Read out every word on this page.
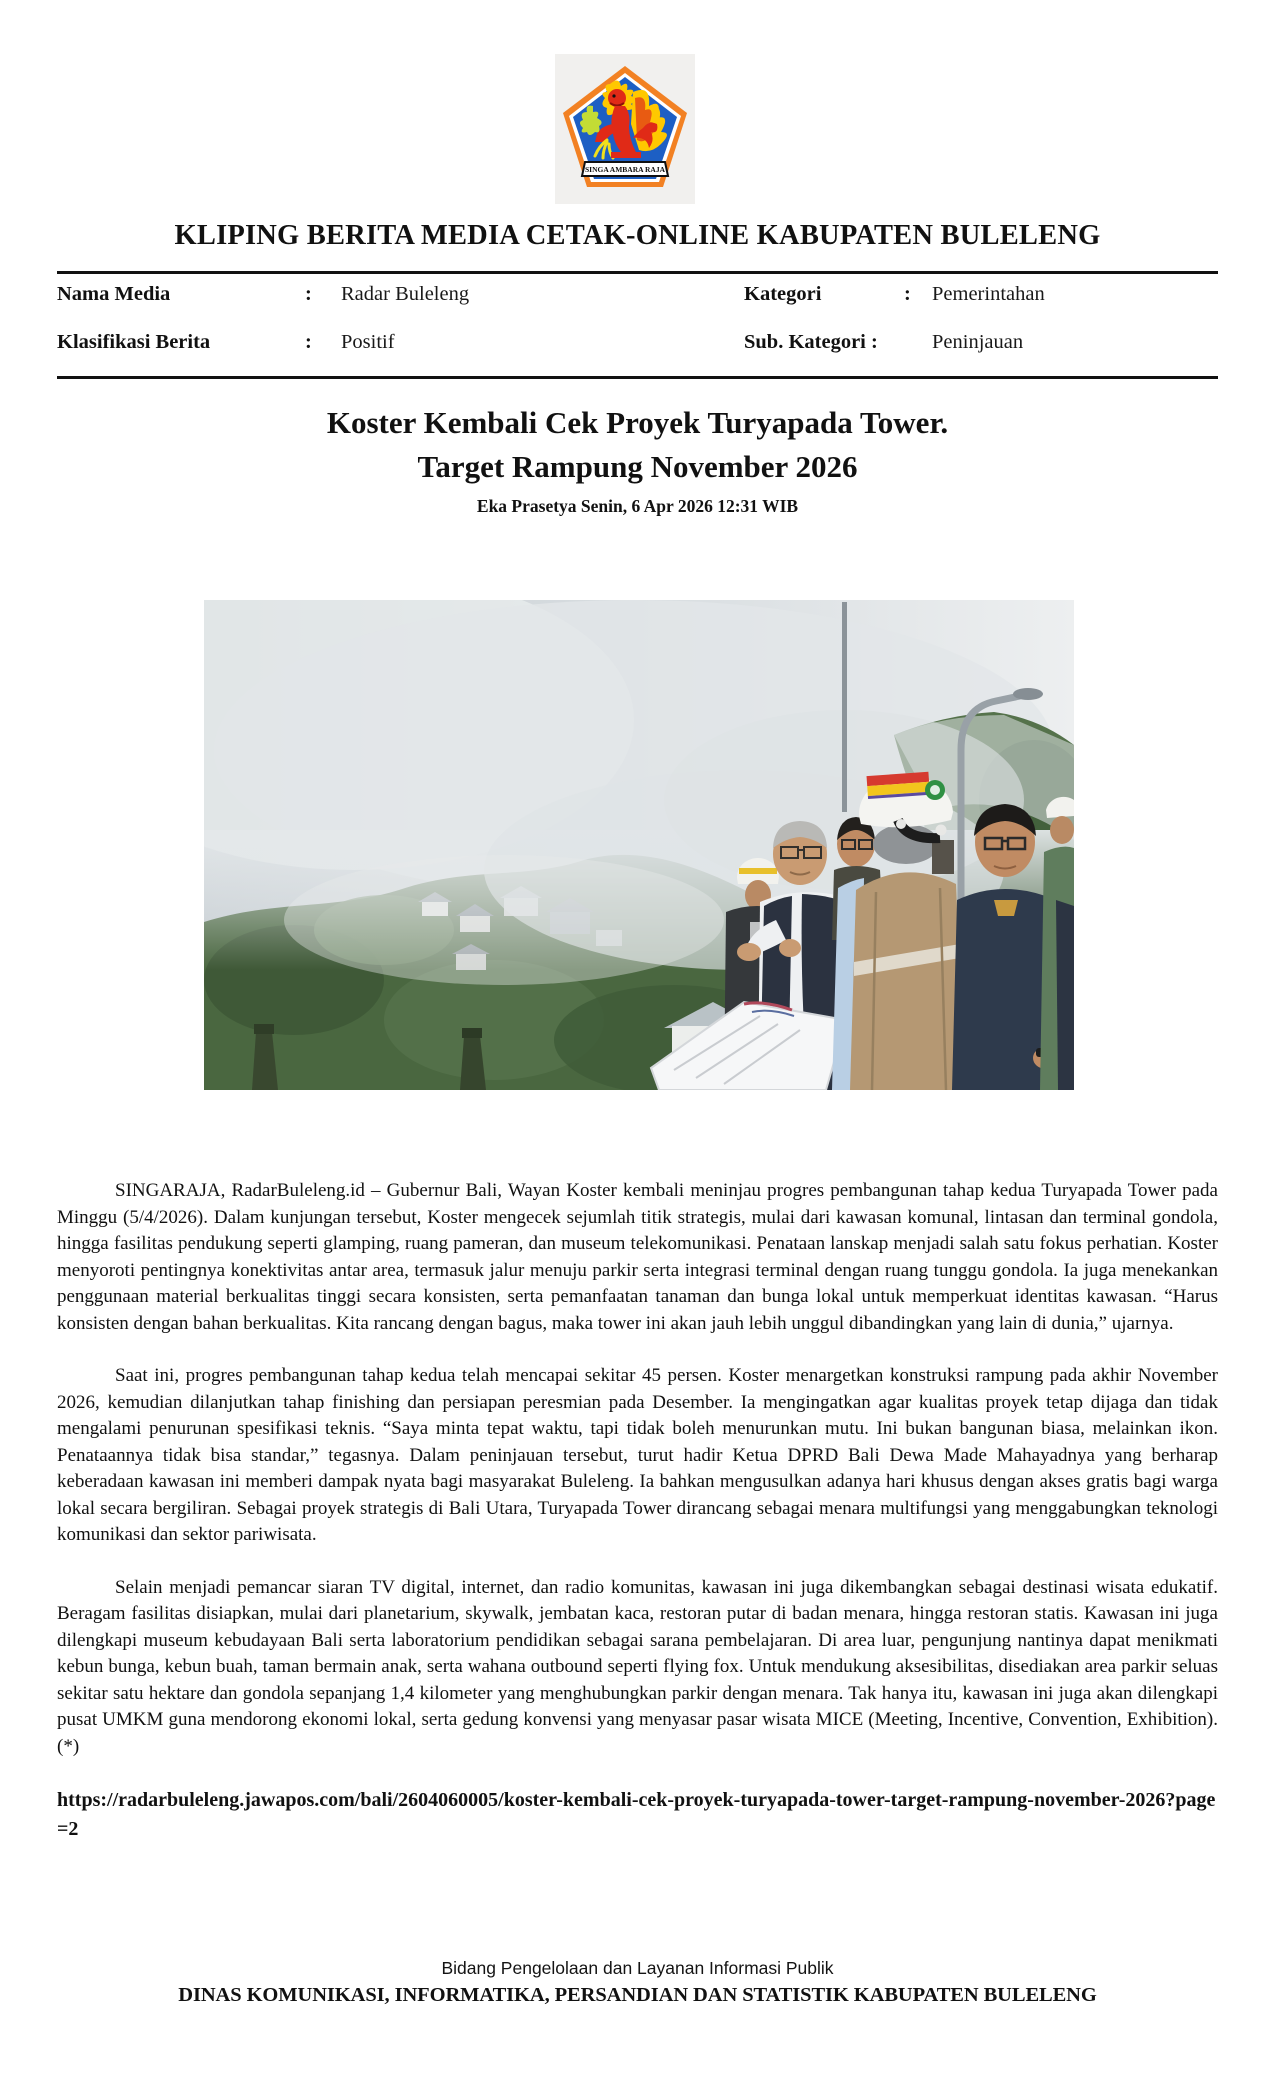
SINGA AMBARA RAJA
KLIPING BERITA MEDIA CETAK-ONLINE KABUPATEN BULELENG
Nama Media	:	Radar Buleleng	Kategori	:	Pemerintahan
Klasifikasi Berita	:	Positif	Sub. Kategori :	Peninjauan
Koster Kembali Cek Proyek Turyapada Tower.
Target Rampung November 2026
Eka Prasetya Senin, 6 Apr 2026 12:31 WIB

SINGARAJA, RadarBuleleng.id – Gubernur Bali, Wayan Koster kembali meninjau progres pembangunan tahap kedua Turyapada Tower pada Minggu (5/4/2026). Dalam kunjungan tersebut, Koster mengecek sejumlah titik strategis, mulai dari kawasan komunal, lintasan dan terminal gondola, hingga fasilitas pendukung seperti glamping, ruang pameran, dan museum telekomunikasi. Penataan lanskap menjadi salah satu fokus perhatian. Koster menyoroti pentingnya konektivitas antar area, termasuk jalur menuju parkir serta integrasi terminal dengan ruang tunggu gondola. Ia juga menekankan penggunaan material berkualitas tinggi secara konsisten, serta pemanfaatan tanaman dan bunga lokal untuk memperkuat identitas kawasan. “Harus konsisten dengan bahan berkualitas. Kita rancang dengan bagus, maka tower ini akan jauh lebih unggul dibandingkan yang lain di dunia,” ujarnya.

Saat ini, progres pembangunan tahap kedua telah mencapai sekitar 45 persen. Koster menargetkan konstruksi rampung pada akhir November 2026, kemudian dilanjutkan tahap finishing dan persiapan peresmian pada Desember. Ia mengingatkan agar kualitas proyek tetap dijaga dan tidak mengalami penurunan spesifikasi teknis. “Saya minta tepat waktu, tapi tidak boleh menurunkan mutu. Ini bukan bangunan biasa, melainkan ikon. Penataannya tidak bisa standar,” tegasnya. Dalam peninjauan tersebut, turut hadir Ketua DPRD Bali Dewa Made Mahayadnya yang berharap keberadaan kawasan ini memberi dampak nyata bagi masyarakat Buleleng. Ia bahkan mengusulkan adanya hari khusus dengan akses gratis bagi warga lokal secara bergiliran. Sebagai proyek strategis di Bali Utara, Turyapada Tower dirancang sebagai menara multifungsi yang menggabungkan teknologi komunikasi dan sektor pariwisata.

Selain menjadi pemancar siaran TV digital, internet, dan radio komunitas, kawasan ini juga dikembangkan sebagai destinasi wisata edukatif. Beragam fasilitas disiapkan, mulai dari planetarium, skywalk, jembatan kaca, restoran putar di badan menara, hingga restoran statis. Kawasan ini juga dilengkapi museum kebudayaan Bali serta laboratorium pendidikan sebagai sarana pembelajaran. Di area luar, pengunjung nantinya dapat menikmati kebun bunga, kebun buah, taman bermain anak, serta wahana outbound seperti flying fox. Untuk mendukung aksesibilitas, disediakan area parkir seluas sekitar satu hektare dan gondola sepanjang 1,4 kilometer yang menghubungkan parkir dengan menara. Tak hanya itu, kawasan ini juga akan dilengkapi pusat UMKM guna mendorong ekonomi lokal, serta gedung konvensi yang menyasar pasar wisata MICE (Meeting, Incentive, Convention, Exhibition). (*)

https://radarbuleleng.jawapos.com/bali/2604060005/koster-kembali-cek-proyek-turyapada-tower-target-rampung-november-2026?page=2
Bidang Pengelolaan dan Layanan Informasi Publik
DINAS KOMUNIKASI, INFORMATIKA, PERSANDIAN DAN STATISTIK KABUPATEN BULELENG
